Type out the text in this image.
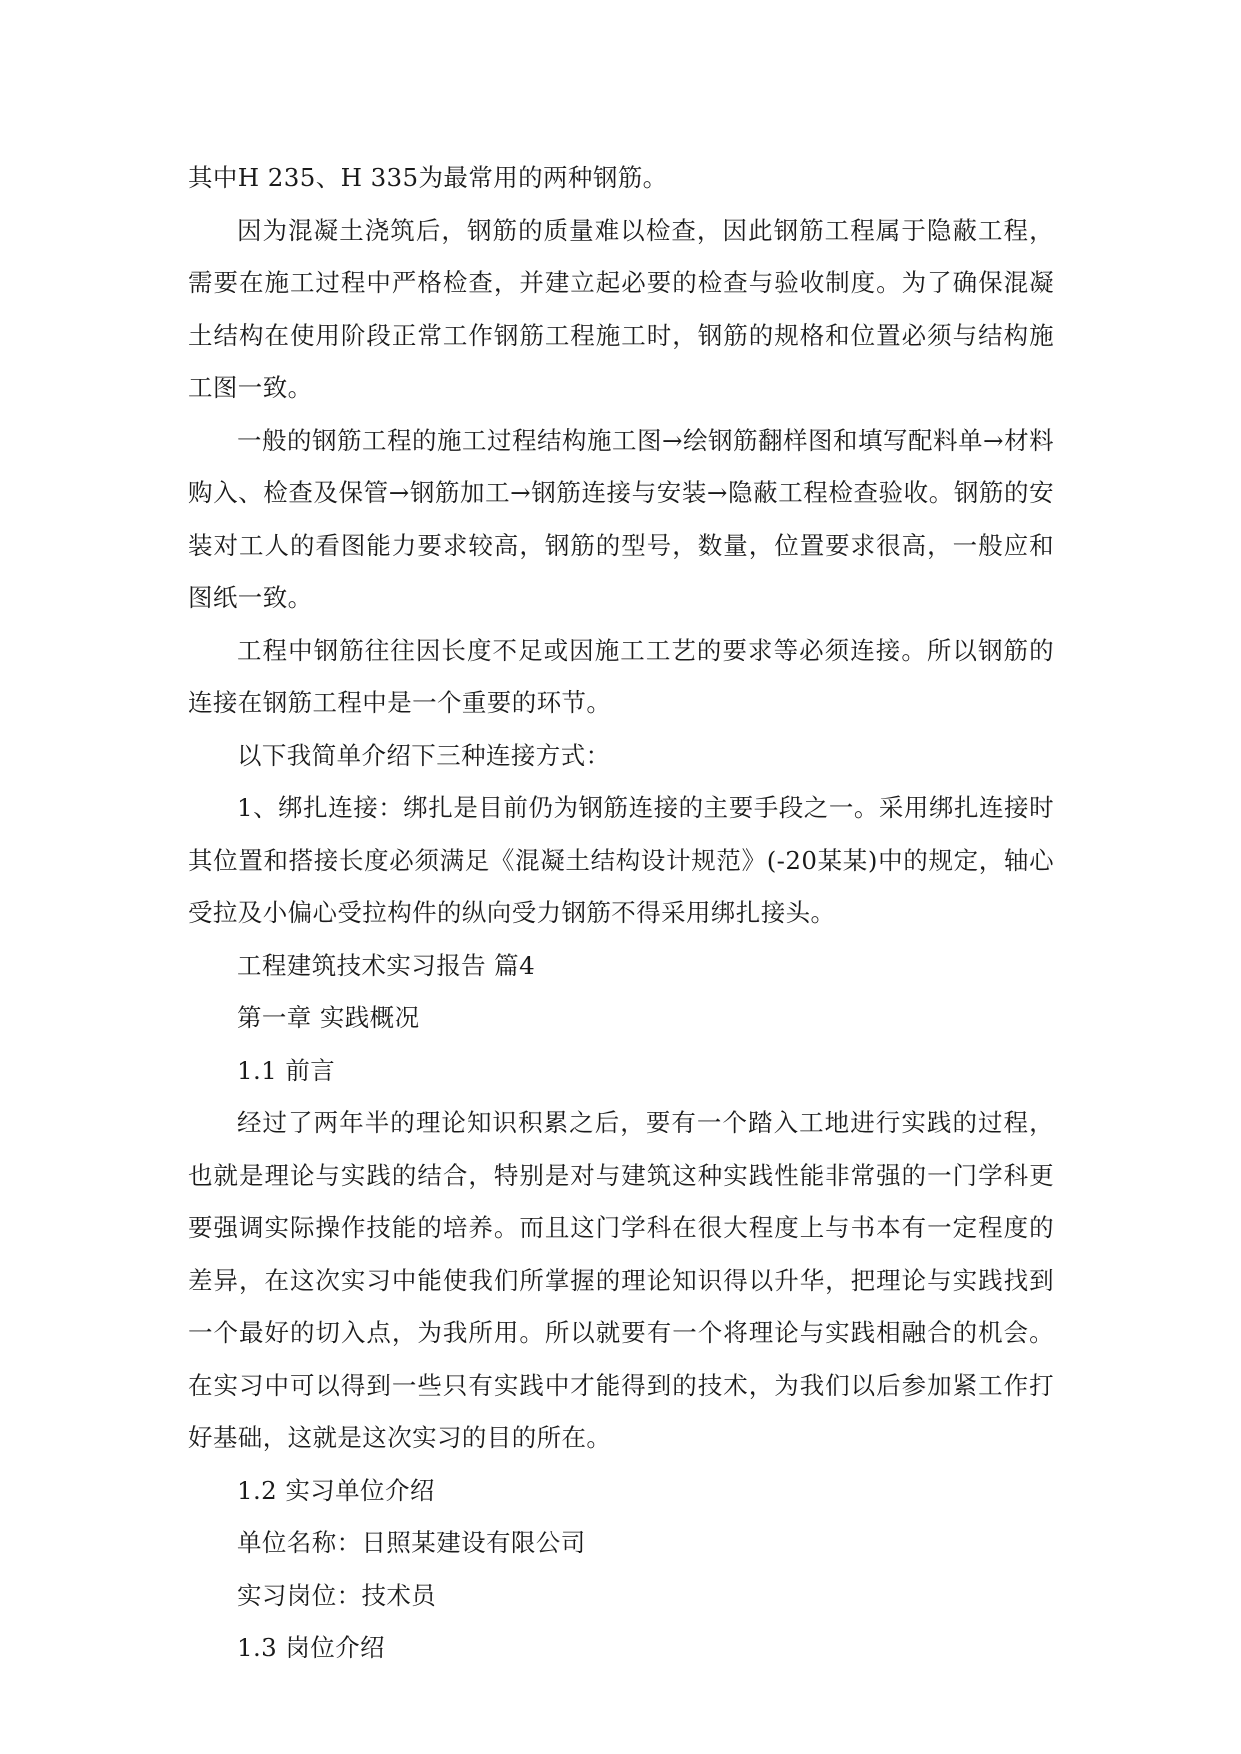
其中H 235、H 335为最常用的两种钢筋。

因为混凝土浇筑后，钢筋的质量难以检查，因此钢筋工程属于隐蔽工程，需要在施工过程中严格检查，并建立起必要的检查与验收制度。为了确保混凝土结构在使用阶段正常工作钢筋工程施工时，钢筋的规格和位置必须与结构施工图一致。

一般的钢筋工程的施工过程结构施工图→绘钢筋翻样图和填写配料单→材料购入、检查及保管→钢筋加工→钢筋连接与安装→隐蔽工程检查验收。钢筋的安装对工人的看图能力要求较高，钢筋的型号，数量，位置要求很高，一般应和图纸一致。

工程中钢筋往往因长度不足或因施工工艺的要求等必须连接。所以钢筋的连接在钢筋工程中是一个重要的环节。

以下我简单介绍下三种连接方式：

1、绑扎连接：绑扎是目前仍为钢筋连接的主要手段之一。采用绑扎连接时其位置和搭接长度必须满足《混凝土结构设计规范》(-20某某)中的规定，轴心受拉及小偏心受拉构件的纵向受力钢筋不得采用绑扎接头。

工程建筑技术实习报告 篇4

第一章 实践概况

1.1 前言

经过了两年半的理论知识积累之后，要有一个踏入工地进行实践的过程，也就是理论与实践的结合，特别是对与建筑这种实践性能非常强的一门学科更要强调实际操作技能的培养。而且这门学科在很大程度上与书本有一定程度的差异，在这次实习中能使我们所掌握的理论知识得以升华，把理论与实践找到一个最好的切入点，为我所用。所以就要有一个将理论与实践相融合的机会。在实习中可以得到一些只有实践中才能得到的技术，为我们以后参加紧工作打好基础，这就是这次实习的目的所在。

1.2 实习单位介绍

单位名称：日照某建设有限公司

实习岗位：技术员

1.3 岗位介绍
